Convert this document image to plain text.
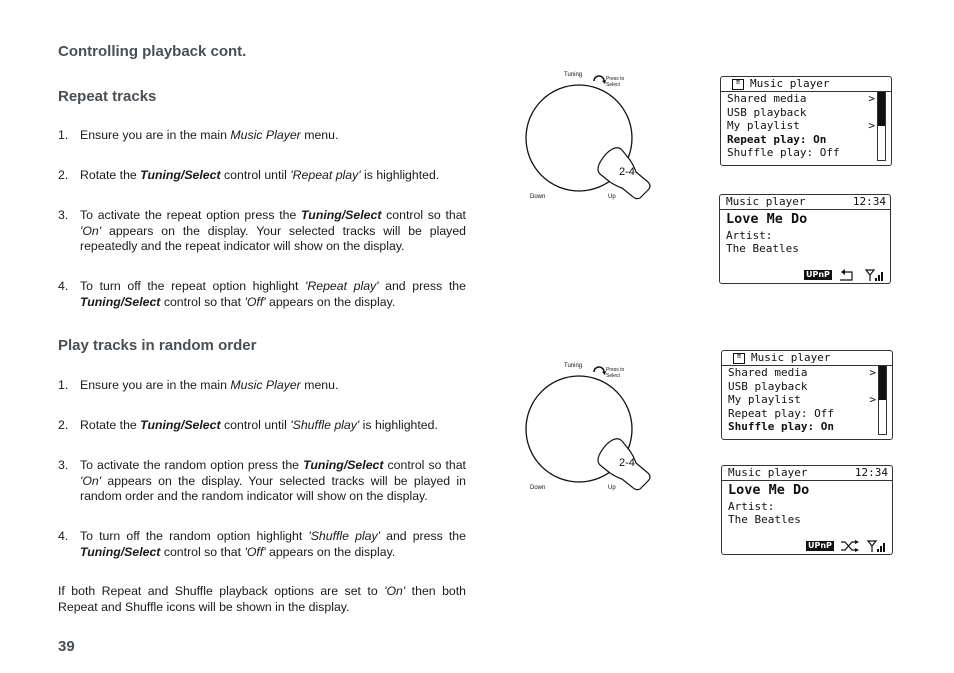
Controlling playback cont.
Repeat tracks
1. Ensure you are in the main Music Player menu.
2. Rotate the Tuning/Select control until 'Repeat play' is highlighted.
3. To activate the repeat option press the Tuning/Select control so that 'On' appears on the display. Your selected tracks will be played repeatedly and the repeat indicator will show on the display.
4. To turn off the repeat option highlight 'Repeat play' and press the Tuning/Select control so that 'Off' appears on the display.
Play tracks in random order
1. Ensure you are in the main Music Player menu.
2. Rotate the Tuning/Select control until 'Shuffle play' is highlighted.
3. To activate the random option press the Tuning/Select control so that 'On' appears on the display. Your selected tracks will be played in random order and the random indicator will show on the display.
4. To turn off the random option highlight 'Shuffle play' and press the Tuning/Select control so that 'Off' appears on the display.
If both Repeat and Shuffle playback options are set to 'On' then both Repeat and Shuffle icons will be shown in the display.
39
Tuning
Press to
Select
Down	Up
2-4
Tuning
Press to
Select
Down	Up
2-4
≡ Music player
Shared media	>
USB playback
My playlist	>
Repeat play: On
Shuffle play: Off
Music player	12:34
Love Me Do
Artist:
The Beatles
UPnP
≡ Music player
Shared media	>
USB playback
My playlist	>
Repeat play: Off
Shuffle play: On
Music player	12:34
Love Me Do
Artist:
The Beatles
UPnP
